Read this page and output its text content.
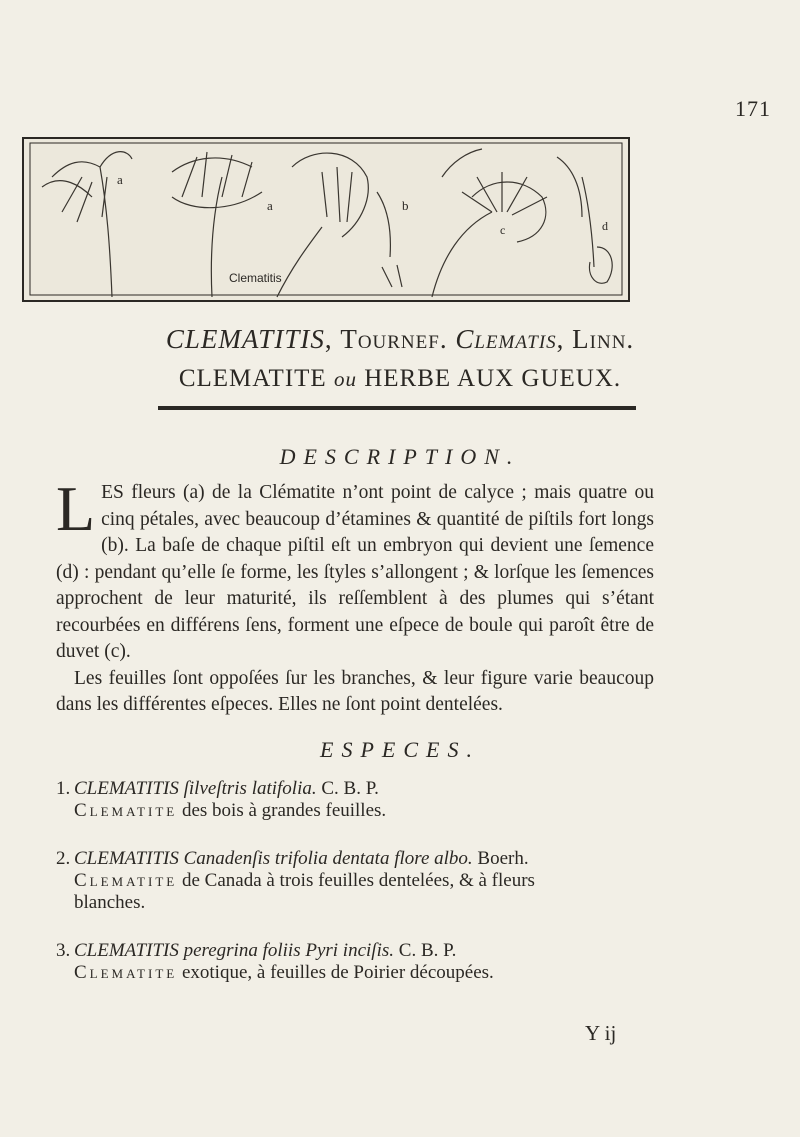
171
a
a	b
c	d
Clematitis
CLEMATITIS, Tournef. Clematis, Linn.
CLEMATITE ou HERBE AUX GUEUX.
DESCRIPTION.

LES fleurs (a) de la Clématite n’ont point de calyce ; mais quatre ou cinq pétales, avec beaucoup d’étamines & quantité de piſtils fort longs (b). La baſe de chaque piſtil eſt un embryon qui devient une ſemence (d) : pendant qu’elle ſe forme, les ſtyles s’allongent ; & lorſque les ſemences approchent de leur maturité, ils reſſemblent à des plumes qui s’étant recourbées en différens ſens, forment une eſpece de boule qui paroît être de duvet (c).

Les feuilles ſont oppoſées ſur les branches, & leur figure varie beaucoup dans les différentes eſpeces. Elles ne ſont point dentelées.

ESPECES.
1. CLEMATITIS ſilveſtris latifolia. C. B. P.
Clematite des bois à grandes feuilles.
2. CLEMATITIS Canadenſis trifolia dentata flore albo. Boerh.
Clematite de Canada à trois feuilles dentelées, & à fleurs
blanches.
3. CLEMATITIS peregrina foliis Pyri inciſis. C. B. P.
Clematite exotique, à feuilles de Poirier découpées.
Y ij
